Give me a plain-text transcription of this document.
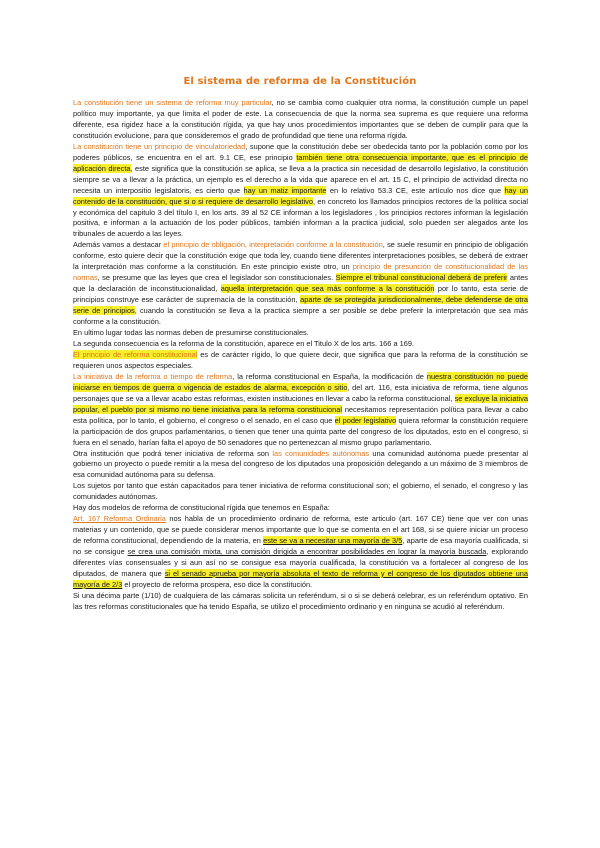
El sistema de reforma de la Constitución

La constitución tiene un sistema de reforma muy particular, no se cambia como cualquier otra norma, la constitución cumple un papel político muy importante, ya que limita el poder de este. La consecuencia de que la norma sea suprema es que requiere una reforma diferente, esa rigidez hace a la constitución rígida, ya que hay unos procedimientos importantes que se deben de cumplir para que la constitución evolucione, para que consideremos el grado de profundidad que tiene una reforma rígida.

La constitución tiene un principio de vinculatoriedad, supone que la constitución debe ser obedecida tanto por la población como por los poderes públicos, se encuentra en el art. 9.1 CE, ese principio también tiene otra consecuencia importante, que es el principio de aplicación directa, este significa que la constitución se aplica, se lleva a la practica sin necesidad de desarrollo legislativo, la constitución siempre se va a llevar a la práctica, un ejemplo es el derecho a la vida que aparece en el art. 15 C, el principio de actividad directa no necesita un interpositio legislatoris, es cierto que hay un matiz importante en lo relativo 53.3 CE, este artículo nos dice que hay un contenido de la constitución, que si o si requiere de desarrollo legislativo, en concreto los llamados principios rectores de la política social y económica del capitulo 3 del título I, en los arts. 39 al 52 CE informan a los legisladores , los principios rectores informan la legislación positiva, e informan a la actuación de los poder públicos, también informan a la practica judicial, solo pueden ser alegados ante los tribunales de acuerdo a las leyes.

Además vamos a destacar el principio de obligación, interpretación conforme a la constitución, se suele resumir en principio de obligación conforme, esto quiere decir que la constitución exige que toda ley, cuando tiene diferentes interpretaciones posibles, se deberá de extraer la interpretación mas conforme a la constitución. En este principio existe otro, un principio de presunción de constitucionalidad de las normas, se presume que las leyes que crea el legislador son constitucionales. Siempre el tribunal constitucional deberá de preferir antes que la declaración de inconstitucionalidad, aquella interpretación que sea más conforme a la constitución por lo tanto, esta serie de principios construye ese carácter de supremacía de la constitución, aparte de se protegida jurisdiccionalmente, debe defenderse de otra serie de principios, cuando la constitución se lleva a la practica siempre a ser posible se debe preferir la interpretación que sea más conforme a la constitución.

En ultimo lugar todas las normas deben de presumirse constitucionales.

La segunda consecuencia es la reforma de la constitución, aparece en el Titulo X de los arts. 166 a 169.

El principio de reforma constitucional es de carácter rígido, lo que quiere decir, que significa que para la reforma de la constitución se requieren unos aspectos especiales.

La iniciativa de la reforma o tiempo de reforma, la reforma constitucional en España, la modificación de nuestra constitución no puede iniciarse en tiempos de guerra o vigencia de estados de alarma, excepción o sitio, del art. 116, esta iniciativa de reforma, tiene algunos personajes que se va a llevar acabo estas reformas, existen instituciones en llevar a cabo la reforma constitucional, se excluye la iniciativa popular, el pueblo por si mismo no tiene iniciativa para la reforma constitucional necesitamos representación política para llevar a cabo esta política, por lo tanto, el gobierno, el congreso o el senado, en el caso que el poder legislativo quiera reformar la constitución requiere la participación de dos grupos parlamentarios, o tienen que tener una quinta parte del congreso de los diputados, esto en el congreso, si fuera en el senado, harían falta el apoyo de 50 senadores que no pertenezcan al mismo grupo parlamentario.

Otra institución que podrá tener iniciativa de reforma son las comunidades autónomas una comunidad autónoma puede presentar al gobierno un proyecto o puede remitir a la mesa del congreso de los diputados una proposición delegando a un máximo de 3 miembros de esa comunidad autónoma para su defensa.

Los sujetos por tanto que están capacitados para tener iniciativa de reforma constitucional son; el gobierno, el senado, el congreso y las comunidades autónomas.

Hay dos modelos de reforma de constitucional rígida que tenemos en España:

Art. 167 Reforma Ordinaria nos habla de un procedimiento ordinario de reforma, este articulo (art. 167 CE) tiene que ver con unas materias y un contenido, que se puede considerar menos importante que lo que se comenta en el art 168, si se quiere iniciar un proceso de reforma constitucional, dependiendo de la materia, en este se va a necesitar una mayoría de 3/5, aparte de esa mayoría cualificada, si no se consigue se crea una comisión mixta, una comisión dirigida a encontrar posibilidades en lograr la mayoría buscada, explorando diferentes vías consensuales y si aun así no se consigue esa mayoría cualificada, la constitución va a fortalecer al congreso de los diputados, de manera que si el senado aprueba por mayoría absoluta el texto de reforma y el congreso de los diputados obtiene una mayoría de 2/3 el proyecto de reforma prospera, eso dice la constitución.

Si una décima parte (1/10) de cualquiera de las cámaras solicita un referéndum, si o si se deberá celebrar, es un referéndum optativo. En las tres reformas constitucionales que ha tenido España, se utilizo el procedimiento ordinario y en ninguna se acudió al referéndum.
